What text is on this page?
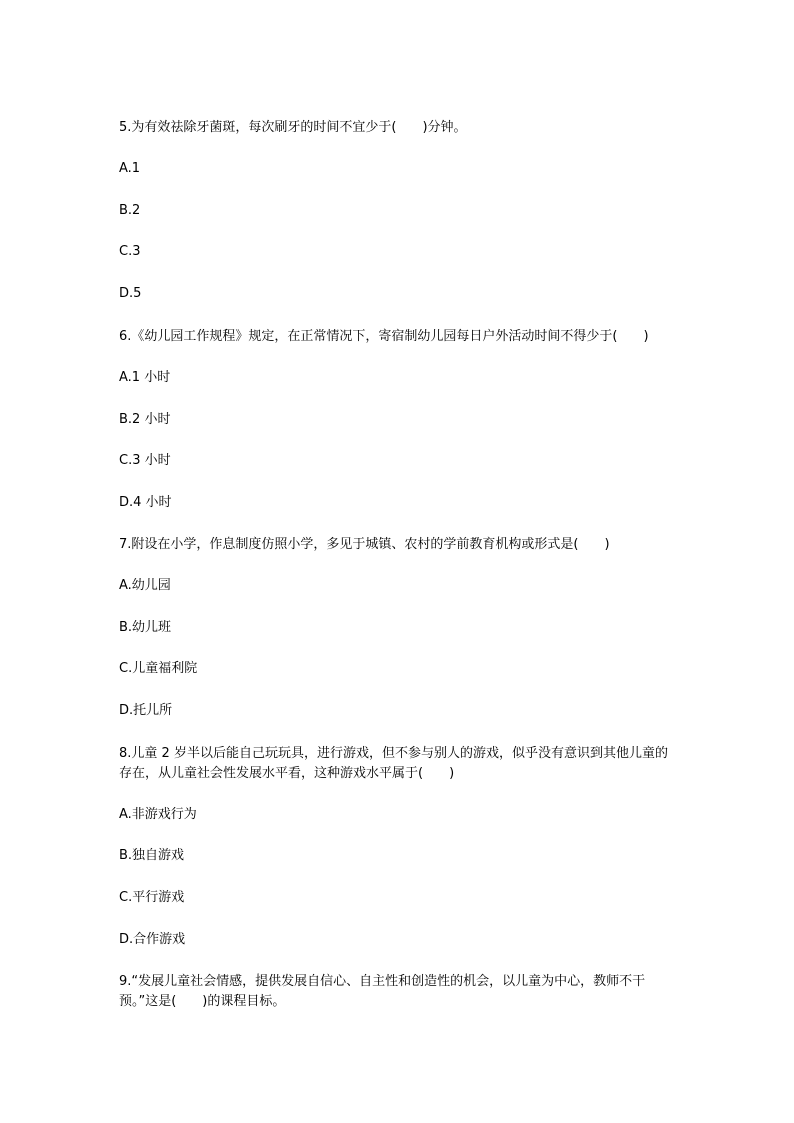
5.为有效祛除牙菌斑，每次刷牙的时间不宜少于(　　)分钟。
A.1
B.2
C.3
D.5
6.《幼儿园工作规程》规定，在正常情况下，寄宿制幼儿园每日户外活动时间不得少于(　　)
A.1 小时
B.2 小时
C.3 小时
D.4 小时
7.附设在小学，作息制度仿照小学，多见于城镇、农村的学前教育机构或形式是(　　)
A.幼儿园
B.幼儿班
C.儿童福利院
D.托儿所
8.儿童 2 岁半以后能自己玩玩具，进行游戏，但不参与别人的游戏，似乎没有意识到其他儿童的存在，从儿童社会性发展水平看，这种游戏水平属于(　　)
A.非游戏行为
B.独自游戏
C.平行游戏
D.合作游戏
9.“发展儿童社会情感，提供发展自信心、自主性和创造性的机会，以儿童为中心，教师不干预。”这是(　　)的课程目标。
